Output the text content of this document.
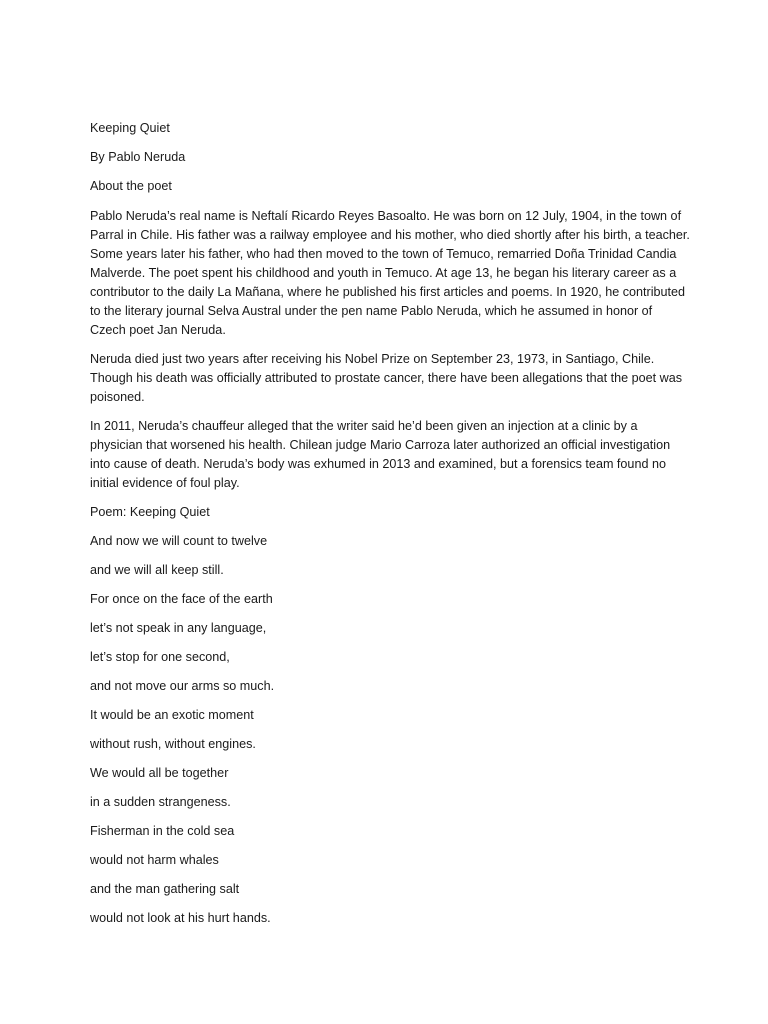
Keeping Quiet

By Pablo Neruda

About the poet

Pablo Neruda’s real name is Neftalí Ricardo Reyes Basoalto. He was born on 12 July, 1904, in the town of Parral in Chile. His father was a railway employee and his mother, who died shortly after his birth, a teacher. Some years later his father, who had then moved to the town of Temuco, remarried Doña Trinidad Candia Malverde. The poet spent his childhood and youth in Temuco. At age 13, he began his literary career as a contributor to the daily La Mañana, where he published his first articles and poems. In 1920, he contributed to the literary journal Selva Austral under the pen name Pablo Neruda, which he assumed in honor of Czech poet Jan Neruda.

Neruda died just two years after receiving his Nobel Prize on September 23, 1973, in Santiago, Chile. Though his death was officially attributed to prostate cancer, there have been allegations that the poet was poisoned.

In 2011, Neruda’s chauffeur alleged that the writer said he’d been given an injection at a clinic by a physician that worsened his health. Chilean judge Mario Carroza later authorized an official investigation into cause of death. Neruda’s body was exhumed in 2013 and examined, but a forensics team found no initial evidence of foul play.

Poem: Keeping Quiet

And now we will count to twelve

and we will all keep still.

For once on the face of the earth

let’s not speak in any language,

let’s stop for one second,

and not move our arms so much.

It would be an exotic moment

without rush, without engines.

We would all be together

in a sudden strangeness.

Fisherman in the cold sea

would not harm whales

and the man gathering salt

would not look at his hurt hands.
